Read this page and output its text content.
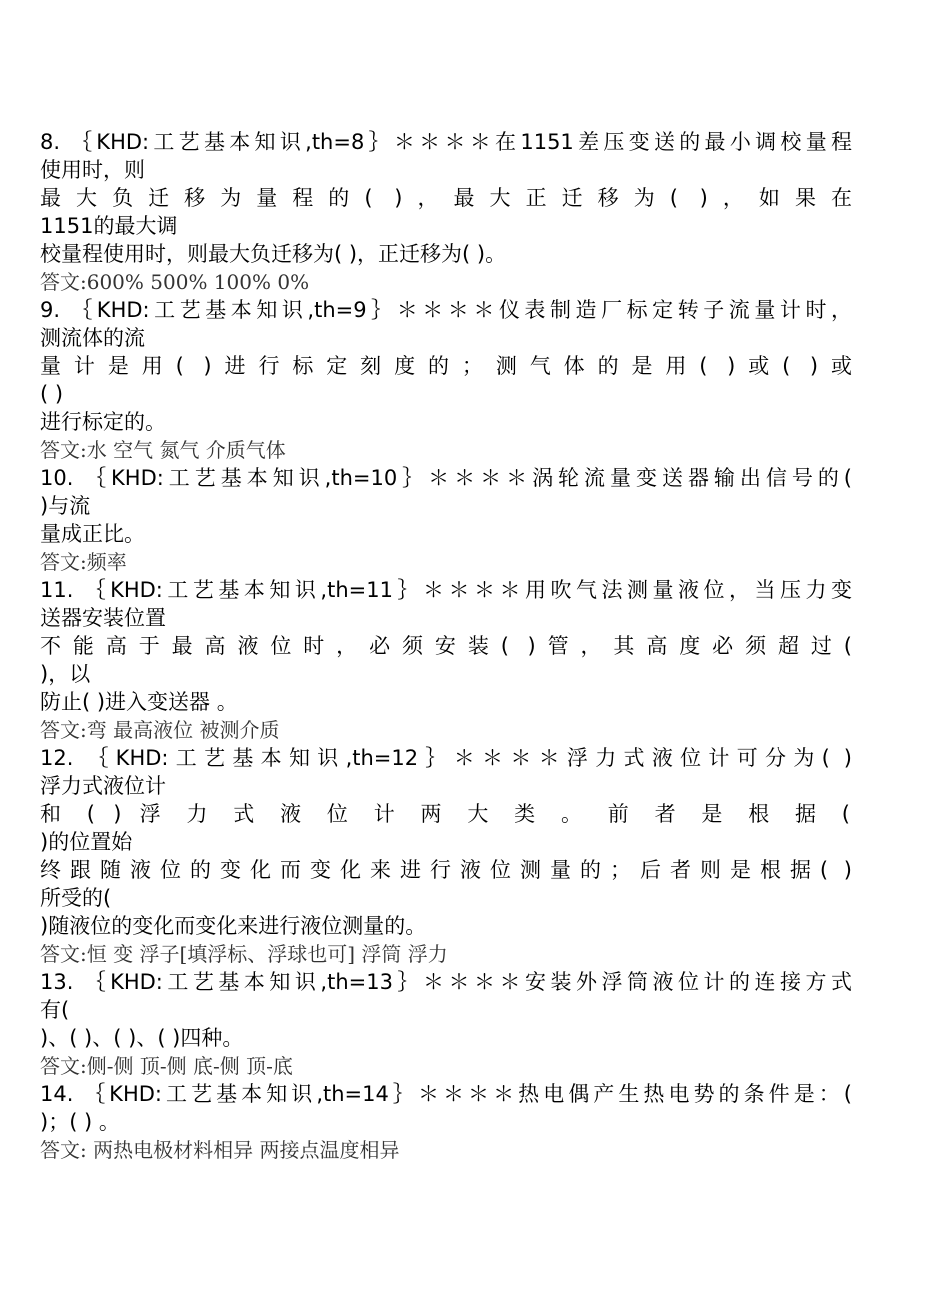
8. ｛KHD:工艺基本知识,th=8｝＊＊＊＊在1151差压变送的最小调校量程
使用时，则
最大负迁移为量程的( )，最大正迁移为( )，如果在
1151的最大调
校量程使用时，则最大负迁移为( )，正迁移为( )。
答文:600% 500% 100% 0%
9. ｛KHD:工艺基本知识,th=9｝＊＊＊＊仪表制造厂标定转子流量计时，
测流体的流
量计是用( )进行标定刻度的；测气体的是用( )或( )或
( )
进行标定的。
答文:水 空气 氮气 介质气体
10. ｛KHD:工艺基本知识,th=10｝＊＊＊＊涡轮流量变送器输出信号的(
)与流
量成正比。
答文:频率
11. ｛KHD:工艺基本知识,th=11｝＊＊＊＊用吹气法测量液位，当压力变
送器安装位置
不能高于最高液位时，必须安装( )管，其高度必须超过(
)，以
防止( )进入变送器 。
答文:弯 最高液位 被测介质
12. ｛KHD:工艺基本知识,th=12｝＊＊＊＊浮力式液位计可分为( )
浮力式液位计
和 ( ) 浮 力 式 液 位 计 两 大 类 。 前 者 是 根 据 (
)的位置始
终跟随液位的变化而变化来进行液位测量的；后者则是根据( )
所受的(
)随液位的变化而变化来进行液位测量的。
答文:恒 变 浮子[填浮标、浮球也可] 浮筒 浮力
13. ｛KHD:工艺基本知识,th=13｝＊＊＊＊安装外浮筒液位计的连接方式
有(
)、( )、( )、( )四种。
答文:侧-侧 顶-侧 底-侧 顶-底
14. ｛KHD:工艺基本知识,th=14｝＊＊＊＊热电偶产生热电势的条件是：(
)；( ) 。
答文: 两热电极材料相异 两接点温度相异
